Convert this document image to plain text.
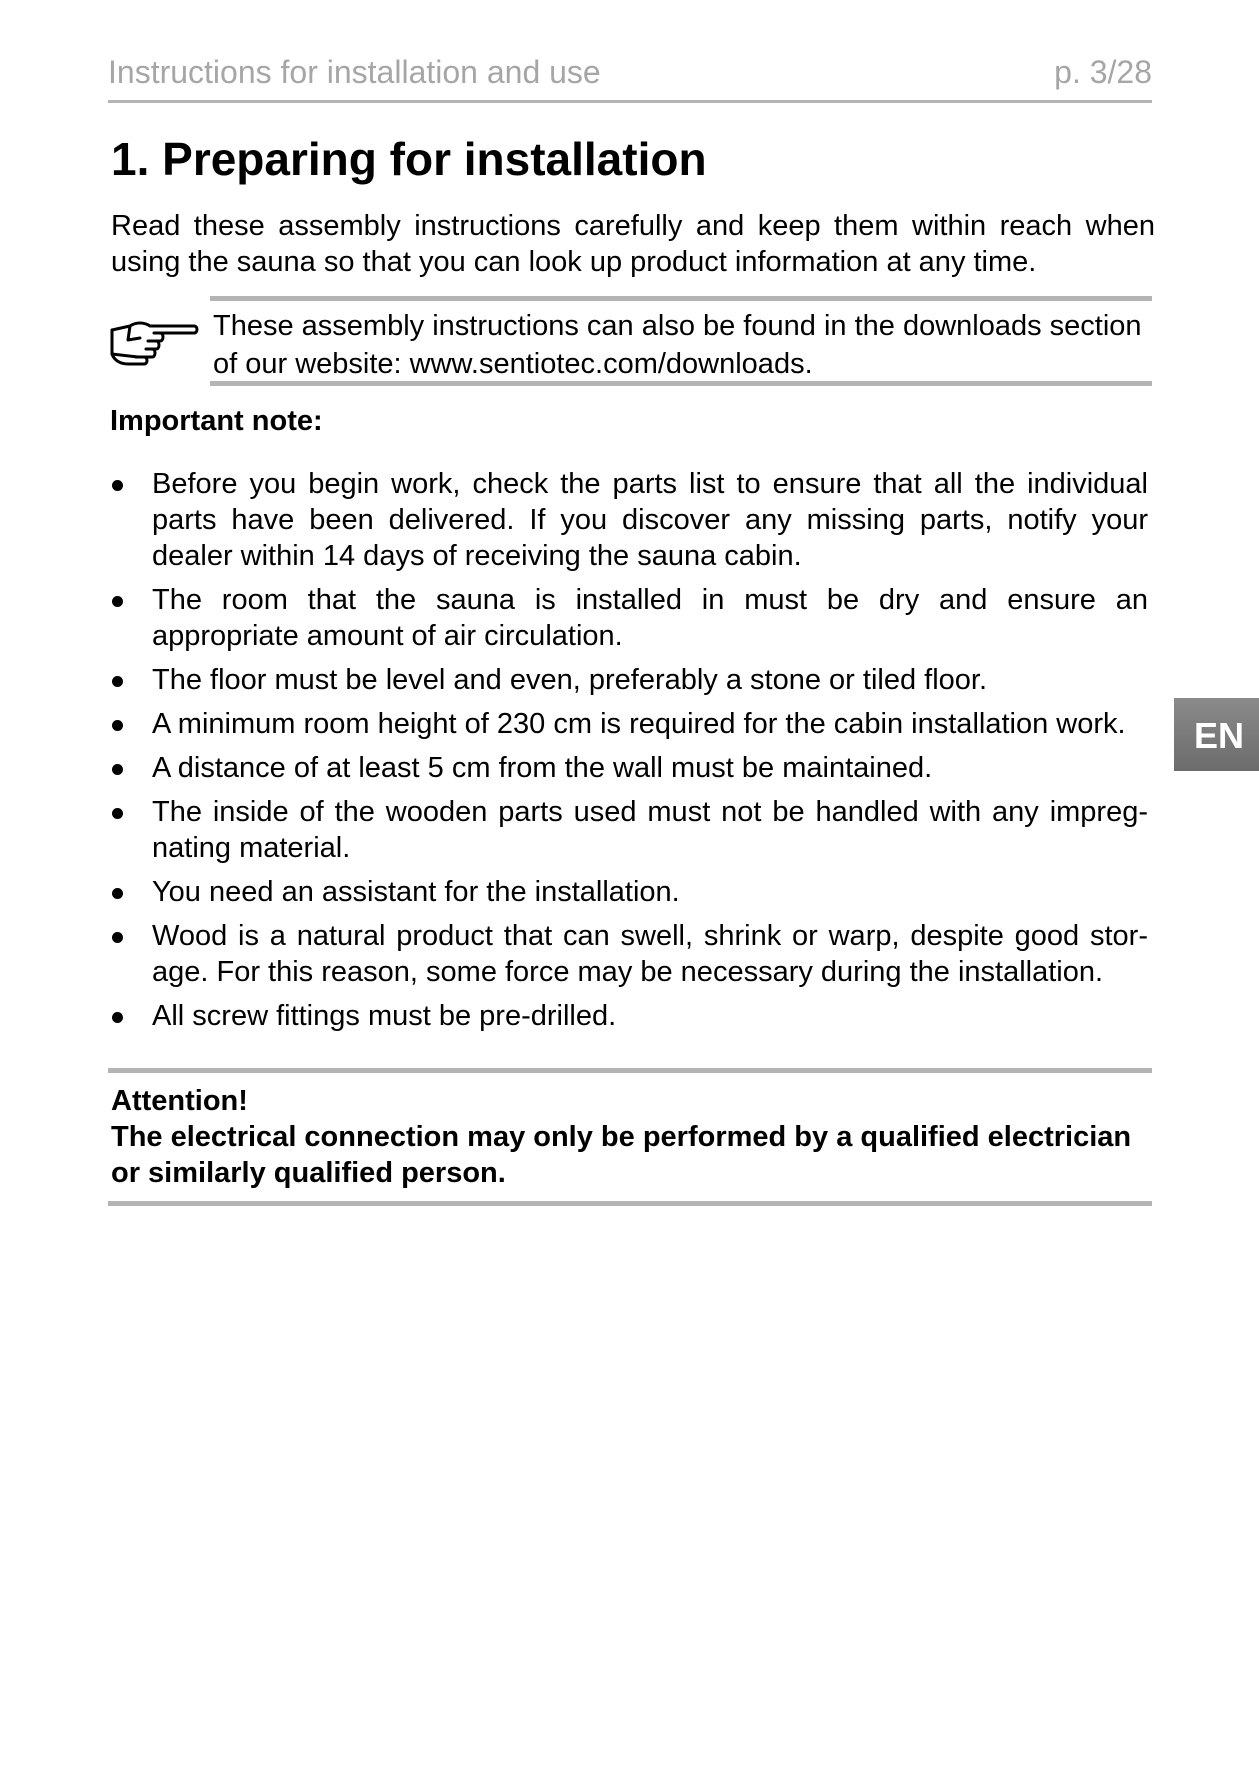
Instructions for installation and use	p. 3/28
1. Preparing for installation

Read these assembly instructions carefully and keep them within reach when using the sauna so that you can look up product information at any time.

These assembly instructions can also be found in the downloads section of our website: www.sentiotec.com/downloads.

Important note:

Before you begin work, check the parts list to ensure that all the individual parts have been delivered. If you discover any missing parts, notify your dealer within 14 days of receiving the sauna cabin.
The room that the sauna is installed in must be dry and ensure an appropriate amount of air circulation.
The floor must be level and even, preferably a stone or tiled floor.
A minimum room height of 230 cm is required for the cabin installation work.
A distance of at least 5 cm from the wall must be maintained.
The inside of the wooden parts used must not be handled with any impreg-nating material.
You need an assistant for the installation.
Wood is a natural product that can swell, shrink or warp, despite good stor-age. For this reason, some force may be necessary during the installation.
All screw fittings must be pre-drilled.

Attention!

The electrical connection may only be performed by a qualified electrician or similarly qualified person.

EN
